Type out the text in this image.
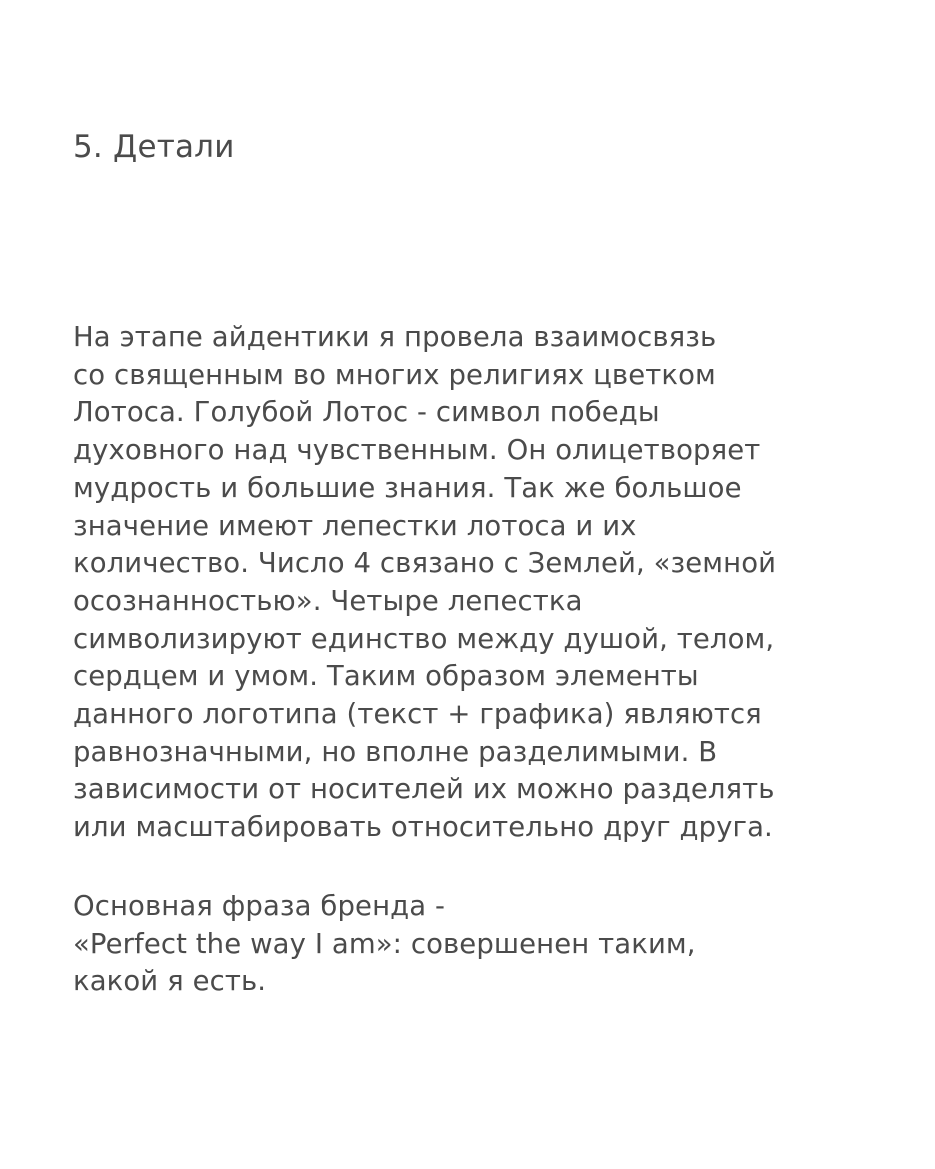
5. Детали
На этапе айдентики я провела взаимосвязь
со священным во многих религиях цветком
Лотоса. Голубой Лотос - символ победы
духовного над чувственным. Он олицетворяет
мудрость и большие знания. Так же большое
значение имеют лепестки лотоса и их
количество. Число 4 связано с Землей, «земной
осознанностью». Четыре лепестка
символизируют единство между душой, телом,
сердцем и умом. Таким образом элементы
данного логотипа (текст + графика) являются
равнозначными, но вполне разделимыми. В
зависимости от носителей их можно разделять
или масштабировать относительно друг друга.
Основная фраза бренда -
«Perfect the way I am»: совершенен таким,
какой я есть.
